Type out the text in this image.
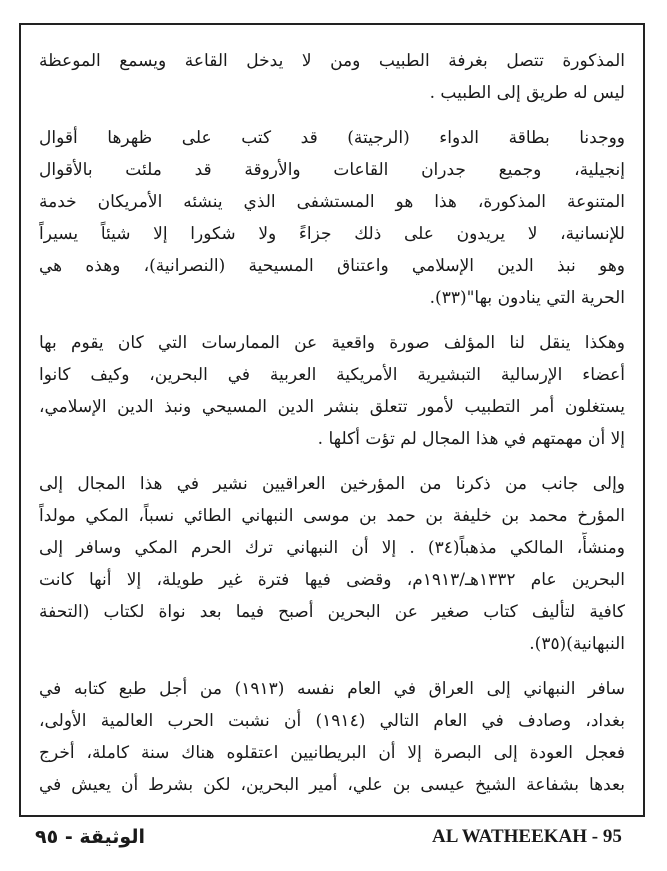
المذكورة تتصل بغرفة الطبيب ومن لا يدخل القاعة ويسمع الموعظة
ليس له طريق إلى الطبيب .

ووجدنا بطاقة الدواء (الرجيتة) قد كتب على ظهرها أقوال
إنجيلية، وجميع جدران القاعات والأروقة قد ملئت بالأقوال
المتنوعة المذكورة، هذا هو المستشفى الذي ينشئه الأمريكان خدمة
للإنسانية، لا يريدون على ذلك جزاءً ولا شكورا إلا شيئاً يسيراً
وهو نبذ الدين الإسلامي واعتناق المسيحية (النصرانية)، وهذه هي
الحرية التي ينادون بها"(٣٣).

وهكذا ينقل لنا المؤلف صورة واقعية عن الممارسات التي كان يقوم بها
أعضاء الإرسالية التبشيرية الأمريكية العربية في البحرين، وكيف كانوا
يستغلون أمر التطبيب لأمور تتعلق بنشر الدين المسيحي ونبذ الدين الإسلامي،
إلا أن مهمتهم في هذا المجال لم تؤت أكلها .

وإلى جانب من ذكرنا من المؤرخين العراقيين نشير في هذا المجال إلى
المؤرخ محمد بن خليفة بن حمد بن موسى النبهاني الطائي نسباً، المكي مولداً
ومنشأً، المالكي مذهباً(٣٤) . إلا أن النبهاني ترك الحرم المكي وسافر إلى
البحرين عام ١٣٣٢هـ/١٩١٣م، وقضى فيها فترة غير طويلة، إلا أنها كانت
كافية لتأليف كتاب صغير عن البحرين أصبح فيما بعد نواة لكتاب (التحفة
النبهانية)(٣٥).

سافر النبهاني إلى العراق في العام نفسه (١٩١٣) من أجل طبع كتابه في
بغداد، وصادف في العام التالي (١٩١٤) أن نشبت الحرب العالمية الأولى،
فعجل العودة إلى البصرة إلا أن البريطانيين اعتقلوه هناك سنة كاملة، أخرج
بعدها بشفاعة الشيخ عيسى بن علي، أمير البحرين، لكن بشرط أن يعيش في

الوثيقة - ٩٥	AL WATHEEKAH - 95
